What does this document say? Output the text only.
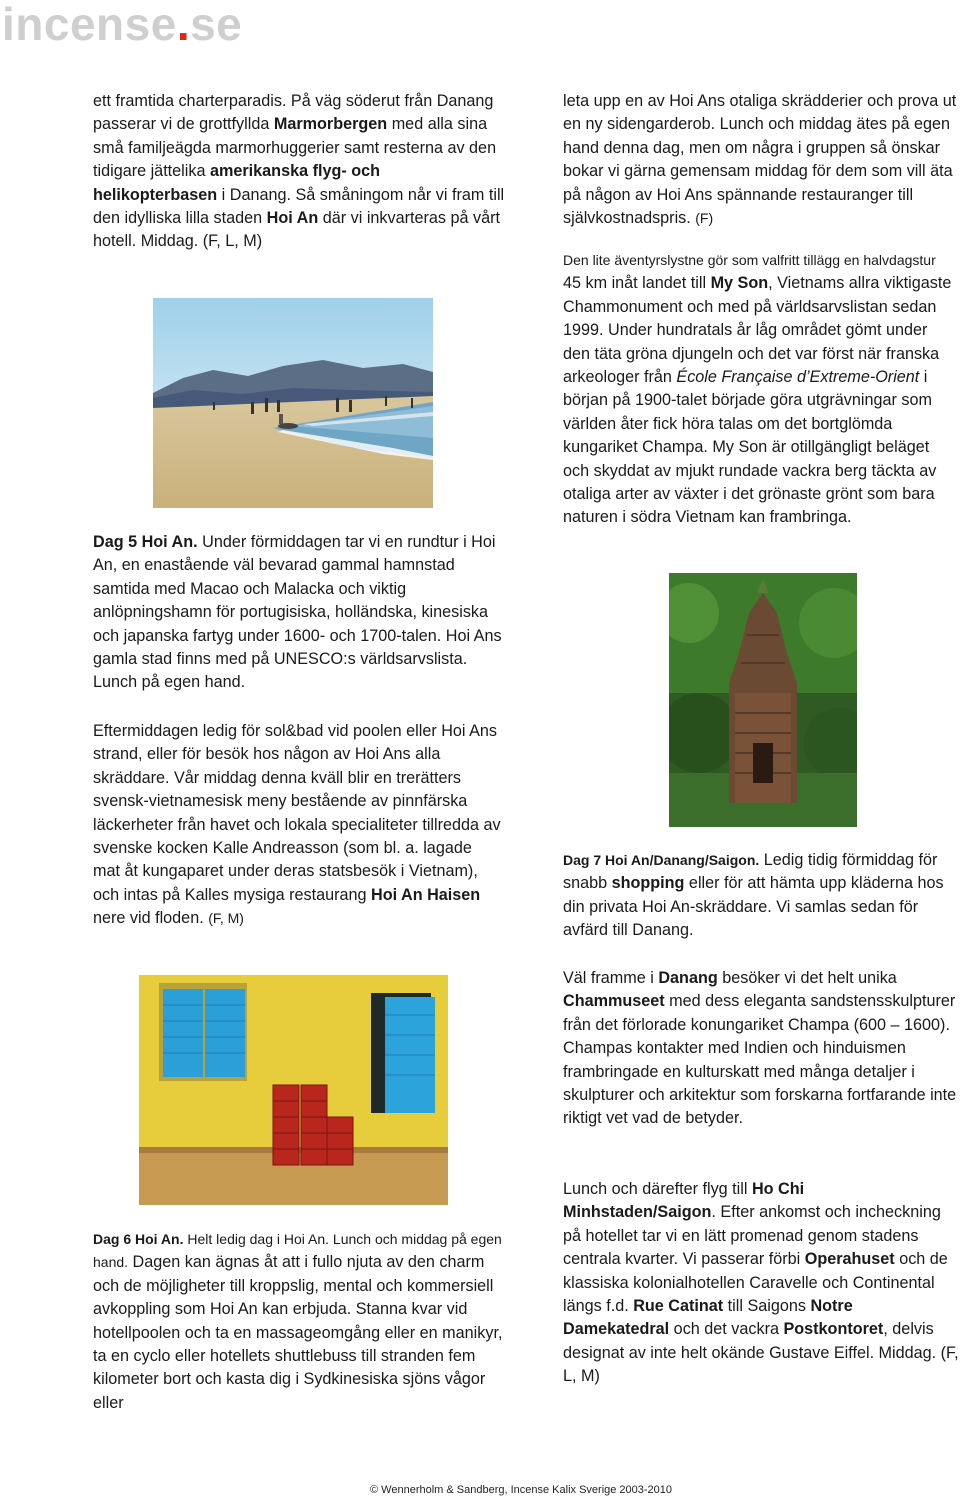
incense.se

ett framtida charterparadis. På väg söderut från Danang passerar vi de grottfyllda Marmorbergen med alla sina små familjeägda marmorhuggerier samt resterna av den tidigare jättelika amerikanska flyg- och helikopterbasen i Danang. Så småningom når vi fram till den idylliska lilla staden Hoi An där vi inkvarteras på vårt hotell. Middag. (F, L, M)

Dag 5 Hoi An. Under förmiddagen tar vi en rundtur i Hoi An, en enastående väl bevarad gammal hamnstad samtida med Macao och Malacka och viktig anlöpningshamn för portugisiska, holländska, kinesiska och japanska fartyg under 1600- och 1700-talen. Hoi Ans gamla stad finns med på UNESCO:s världsarvslista. Lunch på egen hand.

Eftermiddagen ledig för sol&bad vid poolen eller Hoi Ans strand, eller för besök hos någon av Hoi Ans alla skräddare. Vår middag denna kväll blir en trerätters svensk-vietnamesisk meny bestående av pinnfärska läckerheter från havet och lokala specialiteter tillredda av svenske kocken Kalle Andreasson (som bl. a. lagade mat åt kungaparet under deras statsbesök i Vietnam), och intas på Kalles mysiga restaurang Hoi An Haisen nere vid floden. (F, M)

Dag 6 Hoi An. Helt ledig dag i Hoi An. Lunch och middag på egen hand. Dagen kan ägnas åt att i fullo njuta av den charm och de möjligheter till kroppslig, mental och kommersiell avkoppling som Hoi An kan erbjuda. Stanna kvar vid hotellpoolen och ta en massageomgång eller en manikyr, ta en cyclo eller hotellets shuttlebuss till stranden fem kilometer bort och kasta dig i Sydkinesiska sjöns vågor eller

leta upp en av Hoi Ans otaliga skrädderier och prova ut en ny sidengarderob. Lunch och middag ätes på egen hand denna dag, men om några i gruppen så önskar bokar vi gärna gemensam middag för dem som vill äta på någon av Hoi Ans spännande restauranger till självkostnadspris. (F)

Den lite äventyrslystne gör som valfritt tillägg en halvdagstur 45 km inåt landet till My Son, Vietnams allra viktigaste Chammonument och med på världsarvslistan sedan 1999. Under hundratals år låg området gömt under den täta gröna djungeln och det var först när franska arkeologer från École Française d’Extreme-Orient i början på 1900-talet började göra utgrävningar som världen åter fick höra talas om det bortglömda kungariket Champa. My Son är otillgängligt beläget och skyddat av mjukt rundade vackra berg täckta av otaliga arter av växter i det grönaste grönt som bara naturen i södra Vietnam kan frambringa.

Dag 7 Hoi An/Danang/Saigon. Ledig tidig förmiddag för snabb shopping eller för att hämta upp kläderna hos din privata Hoi An-skräddare. Vi samlas sedan för avfärd till Danang.

Väl framme i Danang besöker vi det helt unika Chammuseet med dess eleganta sandstensskulpturer från det förlorade konungariket Champa (600 – 1600). Champas kontakter med Indien och hinduismen frambringade en kulturskatt med många detaljer i skulpturer och arkitektur som forskarna fortfarande inte riktigt vet vad de betyder.

Lunch och därefter flyg till Ho Chi Minhstaden/Saigon. Efter ankomst och incheckning på hotellet tar vi en lätt promenad genom stadens centrala kvarter. Vi passerar förbi Operahuset och de klassiska kolonialhotellen Caravelle och Continental längs f.d. Rue Catinat till Saigons Notre Damekatedral och det vackra Postkontoret, delvis designat av inte helt okände Gustave Eiffel. Middag. (F, L, M)

© Wennerholm & Sandberg, Incense Kalix Sverige 2003-2010
